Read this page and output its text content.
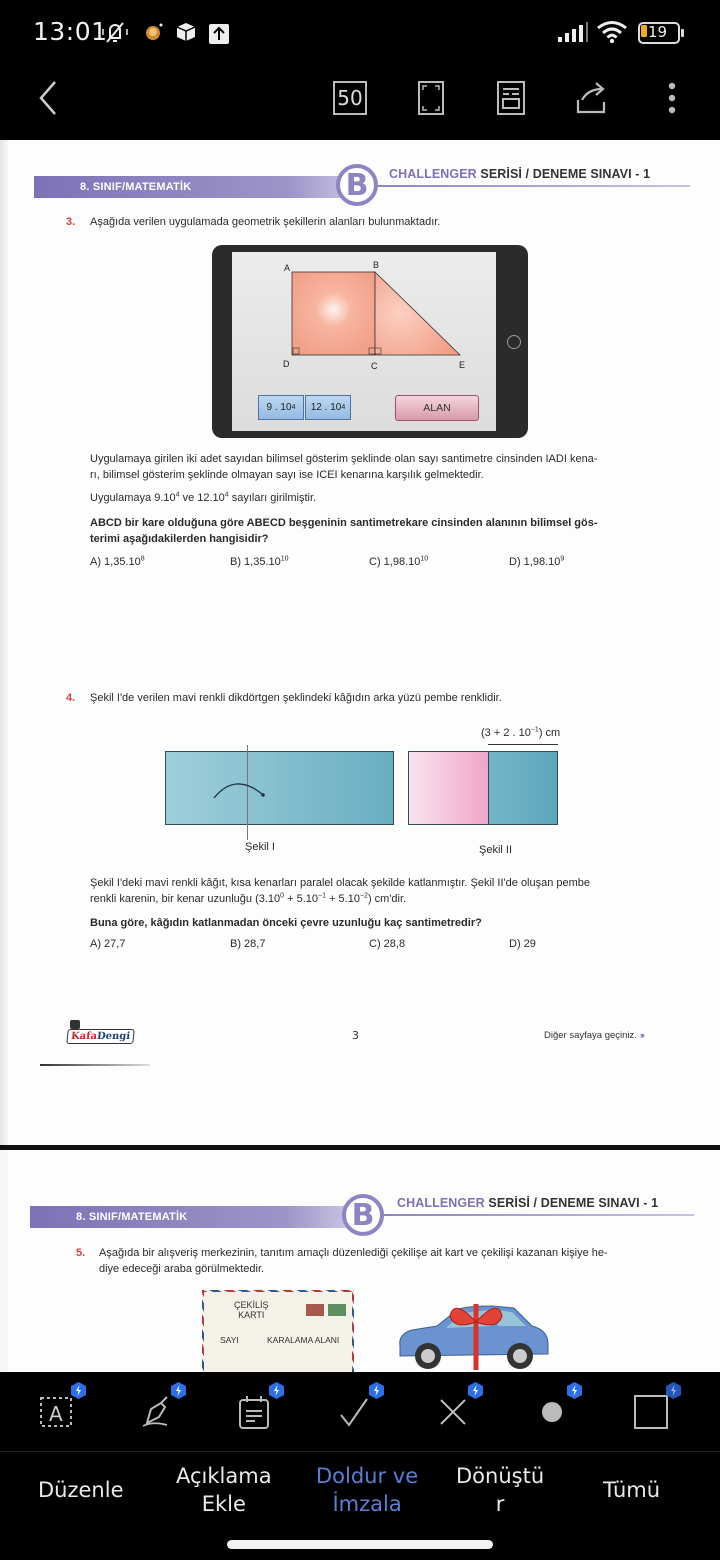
13:01	19
50
8. SINIF/MATEMATİK	B	CHALLENGER SERİSİ / DENEME SINAVI - 1
3. Aşağıda verilen uygulamada geometrik şekillerin alanları bulunmaktadır.
A	B
D	C	E
9 . 10 4 12 . 10 4	ALAN
Uygulamaya girilen iki adet sayıdan bilimsel gösterim şeklinde olan sayı santimetre cinsinden IADI kena-
rı, bilimsel gösterim şeklinde olmayan sayı ise ICEI kenarına karşılık gelmektedir.
Uygulamaya 9.10$^4$ ve 12.10$^4$ sayıları girilmiştir.
ABCD bir kare olduğuna göre ABECD beşgeninin santimetrekare cinsinden alanının bilimsel gös-
terimi aşağıdakilerden hangisidir?
A) 1,35.10$^8$	B) 1,35.10$^{10}$	C) 1,98.10$^{10}$	D) 1,98.10$^9$
4. Şekil I'de verilen mavi renkli dikdörtgen şeklindeki kâğıdın arka yüzü pembe renklidir.
(3 + 2 . $10^{-1}$) cm
Şekil I	Şekil II
Şekil I'deki mavi renkli kâğıt, kısa kenarları paralel olacak şekilde katlanmıştır. Şekil II'de oluşan pembe
renkli karenin, bir kenar uzunluğu $(3.10^0 + 5.10^{-1} + 5.10^{-2})$ cm'dir.
Buna göre, kâğıdın katlanmadan önceki çevre uzunluğu kaç santimetredir?
A) 27,7	B) 28,7	C) 28,8	D) 29
KafaDengi	3	Diğer sayfaya geçiniz. ›››
8. SINIF/MATEMATİK	B	CHALLENGER SERİSİ / DENEME SINAVI - 1
5. Aşağıda bir alışveriş merkezinin, tanıtım amaçlı düzenlediği çekilişe ait kart ve çekilişi kazanan kişiye he-
diye edeceği araba görülmektedir.
ÇEKİLİŞ
KARTI
SAYI	KARALAMA ALANI
A
Düzenle
Açıklama
Ekle
Doldur ve
İmzala
Dönüştü
r
Tümü
